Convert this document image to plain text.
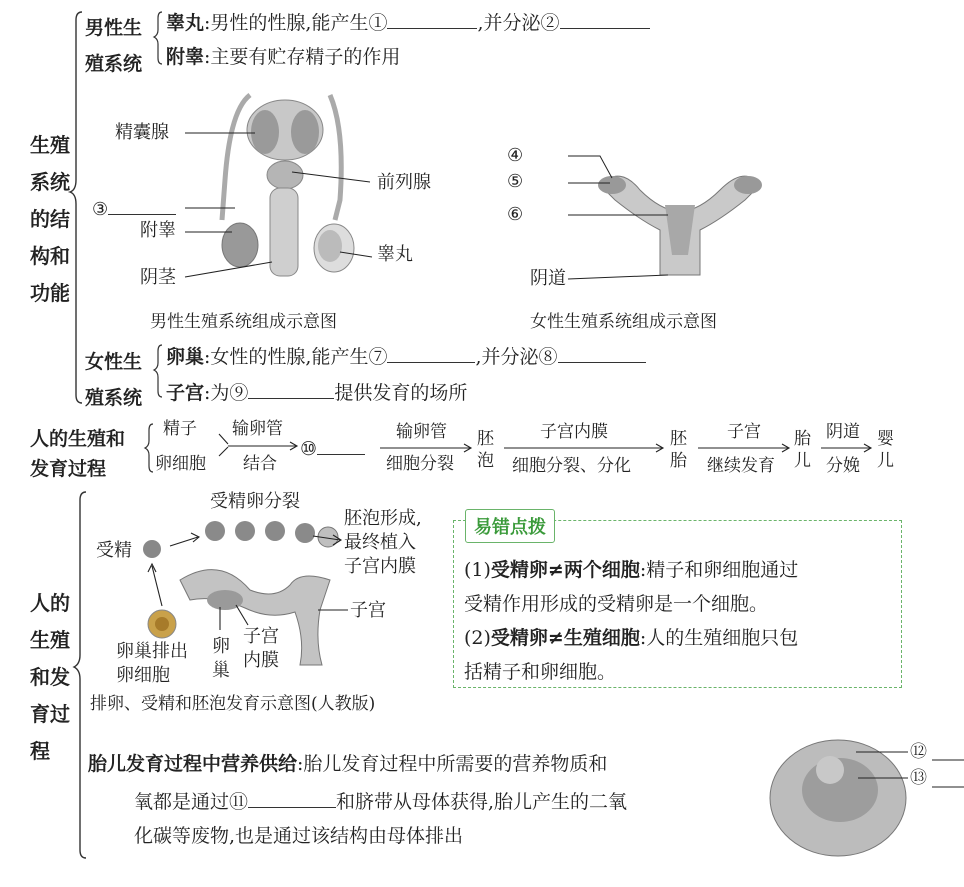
生殖
系统
的结
构和
功能
男性生
殖系统
睾丸:男性的性腺,能产生①	,并分泌②
附睾:主要有贮存精子的作用
精囊腺
前列腺
③
附睾
睾丸
阴茎
男性生殖系统组成示意图
④
⑤
⑥
阴道
女性生殖系统组成示意图
女性生
殖系统
卵巢:女性的性腺,能产生⑦	,并分泌⑧
子宫:为⑨	提供发育的场所
人的生殖和
发育过程
精子
卵细胞
输卵管
结合
⑩
输卵管
细胞分裂
胚
泡
子宫内膜
细胞分裂、分化
胚
胎
子宫
继续发育
胎
儿
阴道
分娩
婴
儿
人的
生殖
和发
育过
程
受精
受精卵分裂
胚泡形成,
最终植入
子宫内膜
子宫
卵巢排出
卵细胞
卵
巢
子宫
内膜
排卵、受精和胚泡发育示意图(人教版)
易错点拨
(1)受精卵≠两个细胞:精子和卵细胞通过
受精作用形成的受精卵是一个细胞。
(2)受精卵≠生殖细胞:人的生殖细胞只包
括精子和卵细胞。
胎儿发育过程中营养供给:胎儿发育过程中所需要的营养物质和
氧都是通过⑪	和脐带从母体获得,胎儿产生的二氧
化碳等废物,也是通过该结构由母体排出
⑫
⑬
